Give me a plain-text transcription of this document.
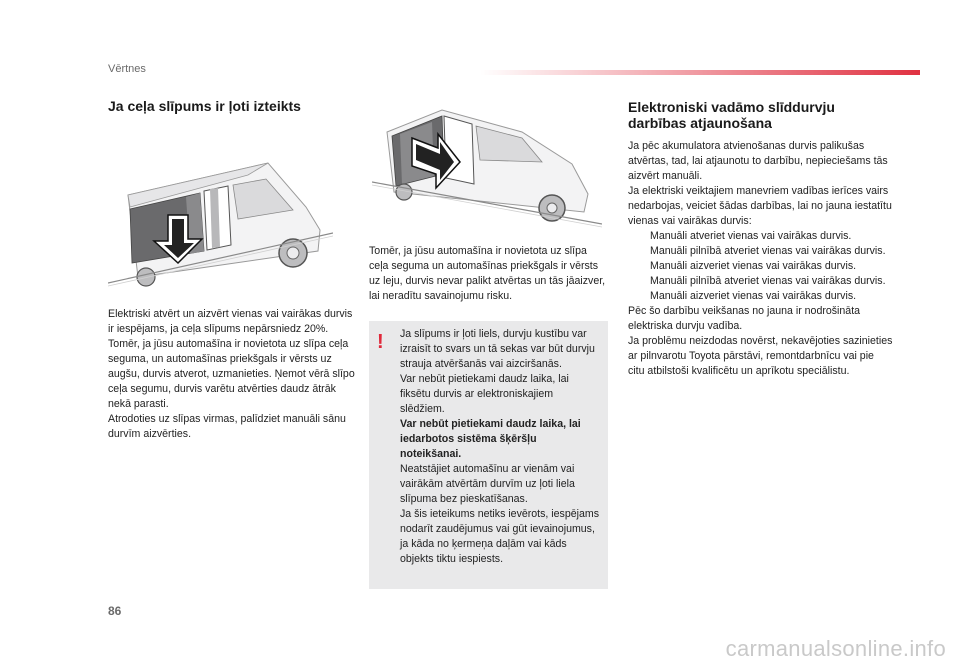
Vērtnes
Ja ceļa slīpums ir ļoti izteikts

Elektriski atvērt un aizvērt vienas vai vairākas durvis ir iespējams, ja ceļa slīpums nepārsniedz 20%.

Tomēr, ja jūsu automašīna ir novietota uz slīpa ceļa seguma, un automašīnas priekšgals ir vērsts uz augšu, durvis atverot, uzmanieties. Ņemot vērā slīpo ceļa segumu, durvis varētu atvērties daudz ātrāk nekā parasti.

Atrodoties uz slīpas virmas, palīdziet manuāli sānu durvīm aizvērties.

Tomēr, ja jūsu automašīna ir novietota uz slīpa ceļa seguma un automašīnas priekšgals ir vērsts uz leju, durvis nevar palikt atvērtas un tās jāaizver, lai neradītu savainojumu risku.
! Ja slīpums ir ļoti liels, durvju kustību var izraisīt to svars un tā sekas var būt durvju strauja atvēršanās vai aizciršanās.

Var nebūt pietiekami daudz laika, lai fiksētu durvis ar elektroniskajiem slēdžiem.

Var nebūt pietiekami daudz laika, lai iedarbotos sistēma šķēršļu noteikšanai.

Neatstājiet automašīnu ar vienām vai vairākām atvērtām durvīm uz ļoti liela slīpuma bez pieskatīšanas.

Ja šis ieteikums netiks ievērots, iespējams nodarīt zaudējumus vai gūt ievainojumus, ja kāda no ķermeņa daļām vai kāds objekts tiktu iespiests.

Elektroniski vadāmo slīddurvju darbības atjaunošana

Ja pēc akumulatora atvienošanas durvis palikušas atvērtas, tad, lai atjaunotu to darbību, nepieciešams tās aizvērt manuāli.

Ja elektriski veiktajiem manevriem vadības ierīces vairs nedarbojas, veiciet šādas darbības, lai no jauna iestatītu vienas vai vairākas durvis:

Manuāli atveriet vienas vai vairākas durvis.
Manuāli pilnībā atveriet vienas vai vairākas durvis.
Manuāli aizveriet vienas vai vairākas durvis.
Manuāli pilnībā atveriet vienas vai vairākas durvis.
Manuāli aizveriet vienas vai vairākas durvis.

Pēc šo darbību veikšanas no jauna ir nodrošināta elektriska durvju vadība.

Ja problēmu neizdodas novērst, nekavējoties sazinieties ar pilnvarotu Toyota pārstāvi, remontdarbnīcu vai pie citu atbilstoši kvalificētu un aprīkotu speciālistu.

86
carmanualsonline.info
